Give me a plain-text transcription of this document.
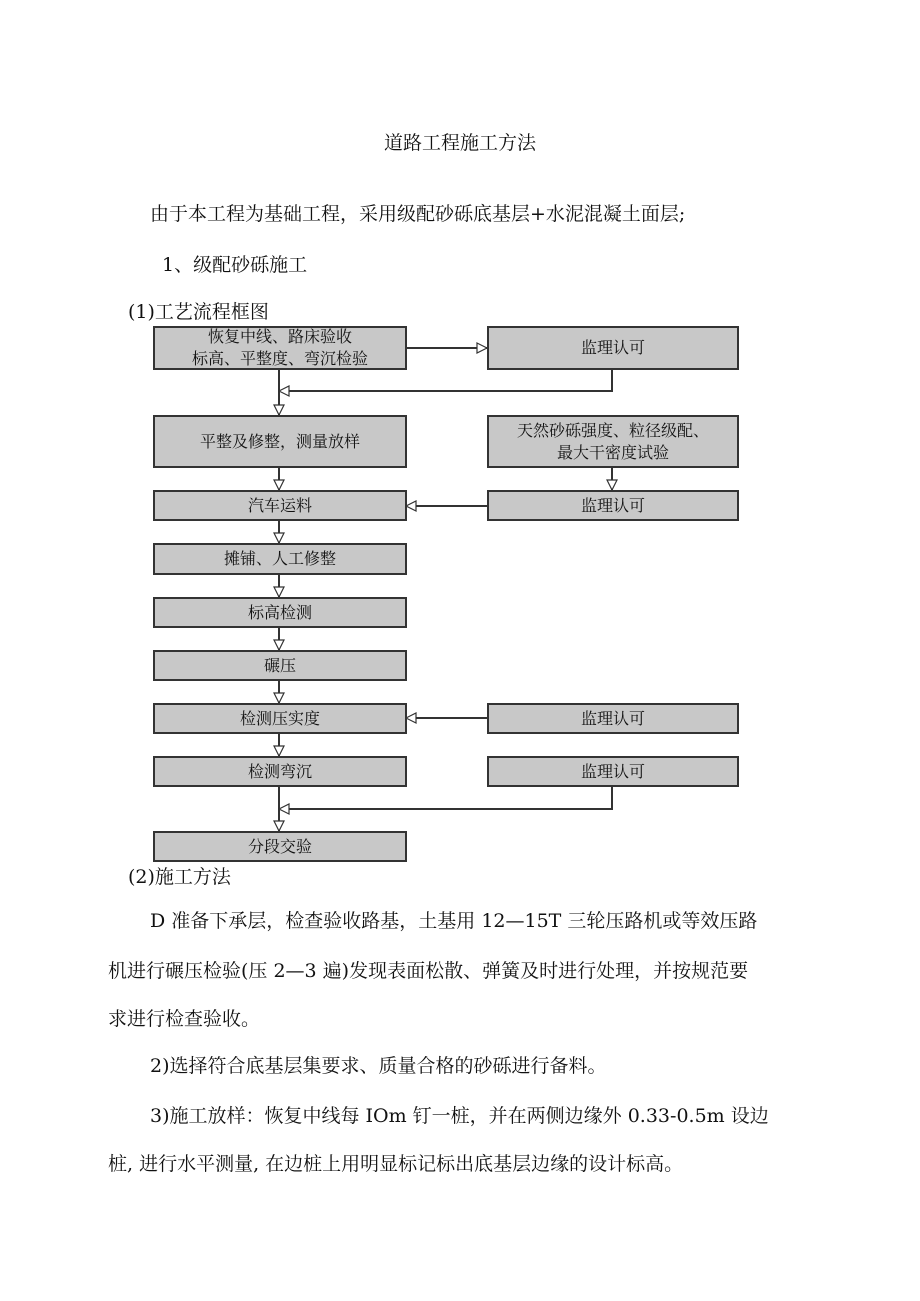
道路工程施工方法
由于本工程为基础工程，采用级配砂砾底基层+水泥混凝土面层;
1、级配砂砾施工
(1)工艺流程框图
恢复中线、路床验收
标高、平整度、弯沉检验
平整及修整，测量放样
汽车运料
摊铺、人工修整
标高检测
碾压
检测压实度
检测弯沉
分段交验
监理认可
天然砂砾强度、粒径级配、
最大干密度试验
监理认可
监理认可
监理认可
(2)施工方法
D 准备下承层，检查验收路基，土基用 12—15T 三轮压路机或等效压路
机进行碾压检验(压 2—3 遍)发现表面松散、弹簧及时进行处理，并按规范要
求进行检查验收。
2)选择符合底基层集要求、质量合格的砂砾进行备料。
3)施工放样：恢复中线每 IOm 钉一桩，并在两侧边缘外 0.33-0.5m 设边
桩, 进行水平测量, 在边桩上用明显标记标出底基层边缘的设计标高。
